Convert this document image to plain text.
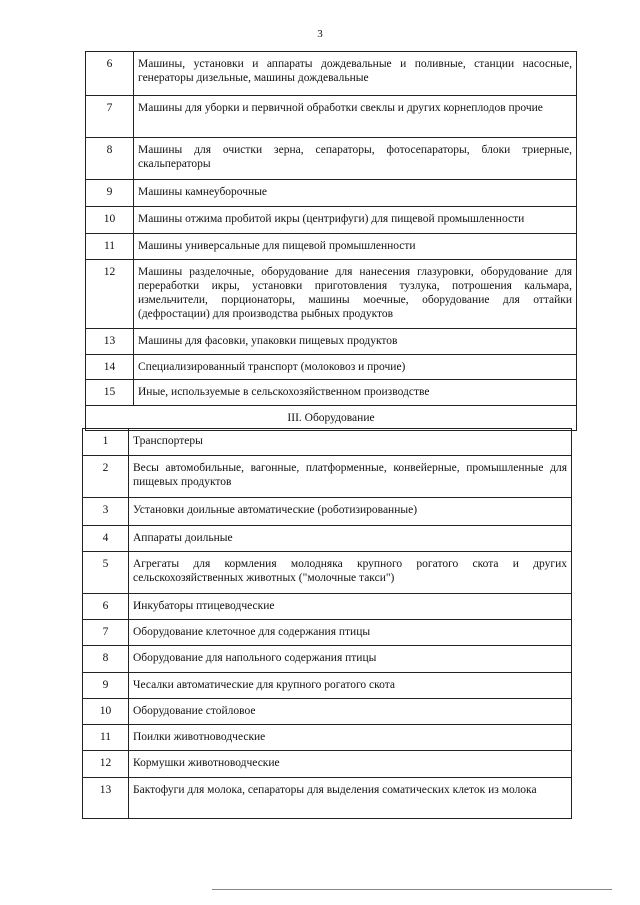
3
6	Машины, установки и аппараты дождевальные и поливные, станции насосные, генераторы дизельные, машины дождевальные
7	Машины для уборки и первичной обработки свеклы и других корнеплодов прочие
8	Машины для очистки зерна, сепараторы, фотосепараторы, блоки триерные, скальператоры
9	Машины камнеуборочные
10	Машины отжима пробитой икры (центрифуги) для пищевой промышленности
11	Машины универсальные для пищевой промышленности
12	Машины разделочные, оборудование для нанесения глазуровки, оборудование для переработки икры, установки приготовления тузлука, потрошения кальмара, измельчители, порционаторы, машины моечные, оборудование для оттайки (дефростации) для производства рыбных продуктов
13	Машины для фасовки, упаковки пищевых продуктов
14	Специализированный транспорт (молоковоз и прочие)
15	Иные, используемые в сельскохозяйственном производстве
III. Оборудование	
1	Транспортеры
2	Весы автомобильные, вагонные, платформенные, конвейерные, промышленные для пищевых продуктов
3	Установки доильные автоматические (роботизированные)
4	Аппараты доильные
5	Агрегаты для кормления молодняка крупного рогатого скота и других сельскохозяйственных животных ("молочные такси")
6	Инкубаторы птицеводческие
7	Оборудование клеточное для содержания птицы
8	Оборудование для напольного содержания птицы
9	Чесалки автоматические для крупного рогатого скота
10	Оборудование стойловое
11	Поилки животноводческие
12	Кормушки животноводческие
13	Бактофуги для молока, сепараторы для выделения соматических клеток из молока
